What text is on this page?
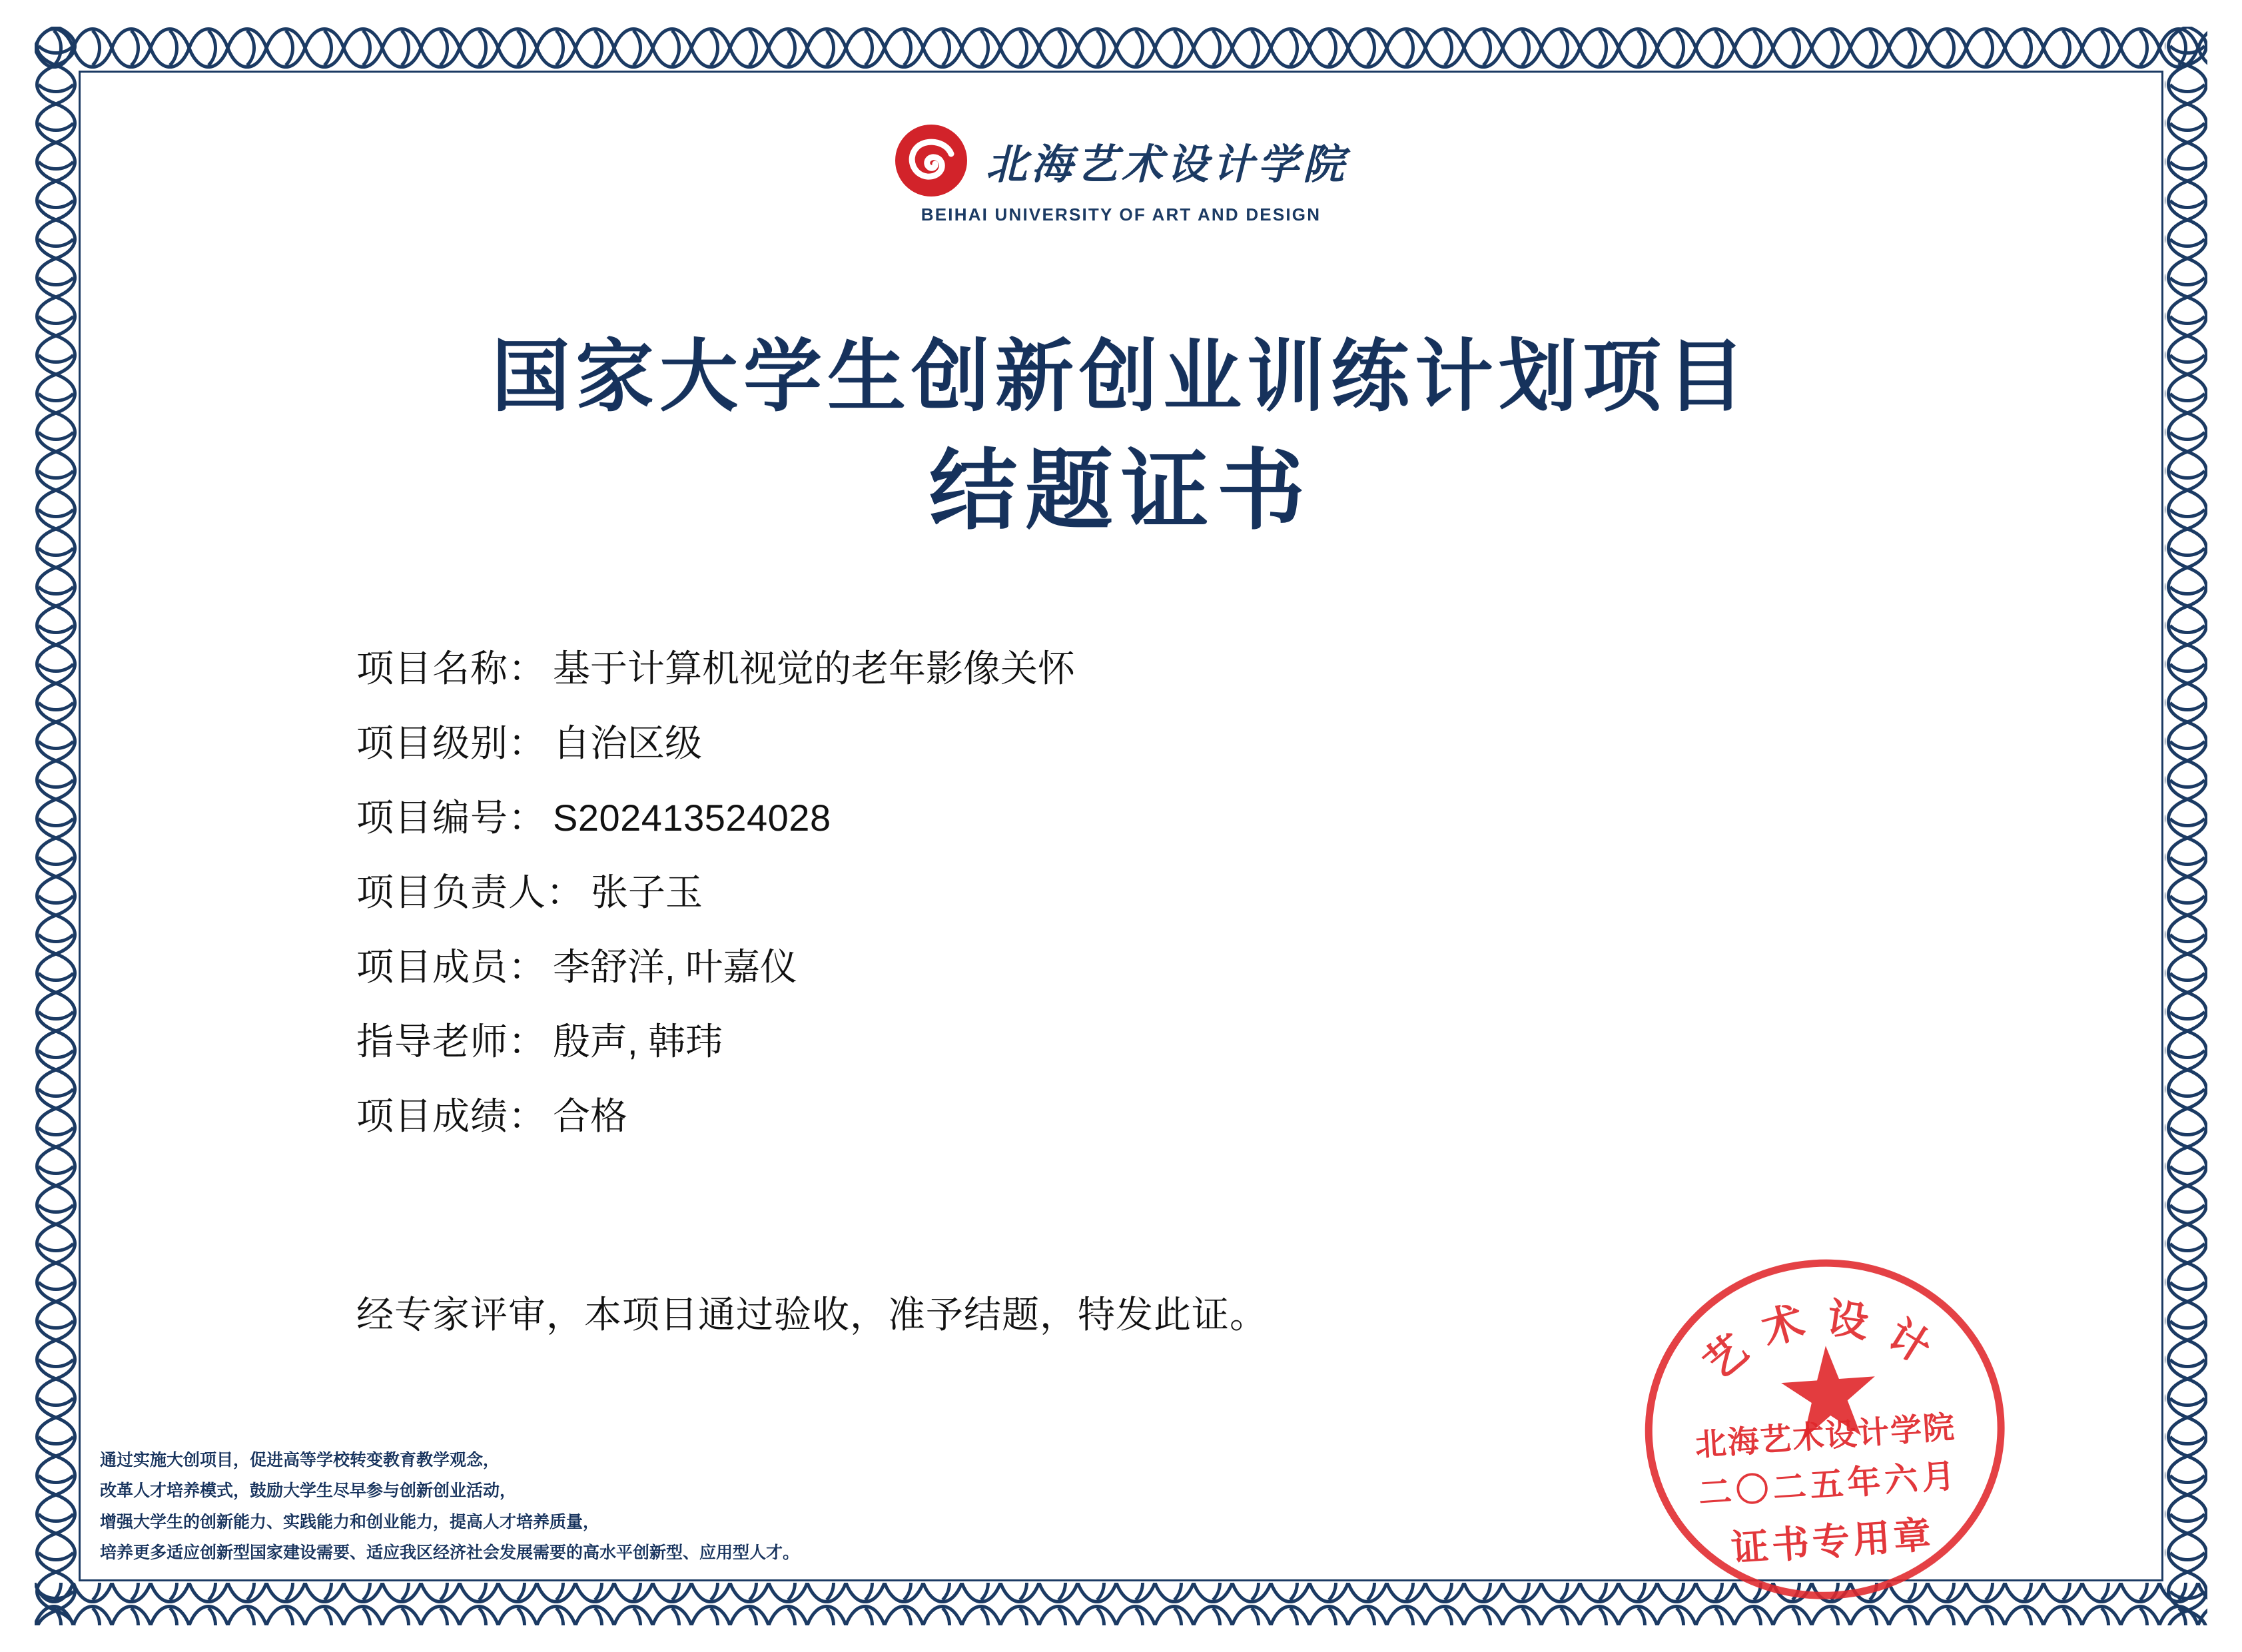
北海艺术设计学院
BEIHAI UNIVERSITY OF ART AND DESIGN
国家大学生创新创业训练计划项目
结题证书
项目名称： 基于计算机视觉的老年影像关怀
项目级别： 自治区级
项目编号： S202413524028
项目负责人： 张子玉
项目成员： 李舒洋, 叶嘉仪
指导老师： 殷声, 韩玮
项目成绩： 合格
经专家评审，本项目通过验收，准予结题，特发此证。
通过实施大创项目，促进高等学校转变教育教学观念，
改革人才培养模式，鼓励大学生尽早参与创新创业活动，
增强大学生的创新能力、实践能力和创业能力，提高人才培养质量，
培养更多适应创新型国家建设需要、适应我区经济社会发展需要的高水平创新型、应用型人才。
艺 术 设 计
北海艺术设计学院
二〇二五年六月
证书专用章
